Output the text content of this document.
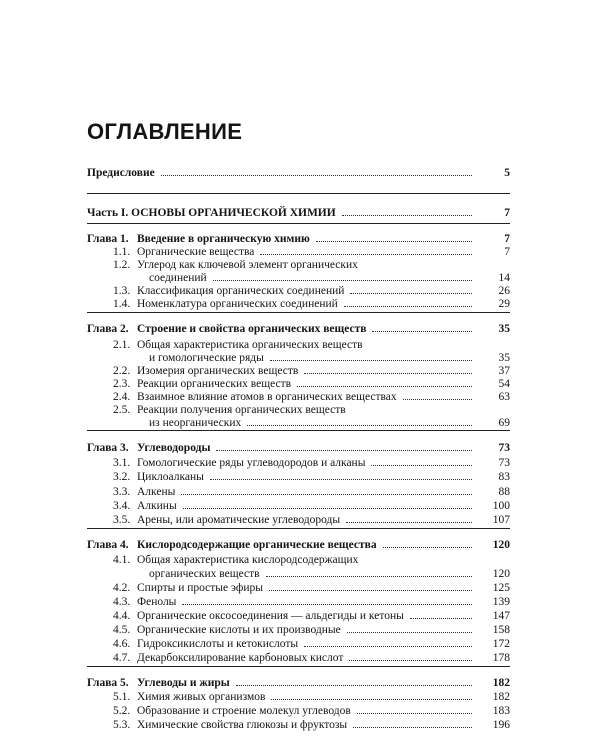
ОГЛАВЛЕНИЕ
Предисловие	5
Часть I. ОСНОВЫ ОРГАНИЧЕСКОЙ ХИМИИ	7
Глава 1. Введение в органическую химию	7
1.1. Органические вещества	7
1.2. Углерод как ключевой элемент органических
соединений	14
1.3. Классификация органических соединений	26
1.4. Номенклатура органических соединений	29
Глава 2. Строение и свойства органических веществ	35
2.1. Общая характеристика органических веществ
и гомологические ряды	35
2.2. Изомерия органических веществ	37
2.3. Реакции органических веществ	54
2.4. Взаимное влияние атомов в органических веществах	63
2.5. Реакции получения органических веществ
из неорганических	69
Глава 3. Углеводороды	73
3.1. Гомологические ряды углеводородов и алканы	73
3.2. Циклоалканы	83
3.3. Алкены	88
3.4. Алкины	100
3.5. Арены, или ароматические углеводороды	107
Глава 4. Кислородсодержащие органические вещества	120
4.1. Общая характеристика кислородсодержащих
органических веществ	120
4.2. Спирты и простые эфиры	125
4.3. Фенолы	139
4.4. Органические оксосоединения — альдегиды и кетоны	147
4.5. Органические кислоты и их производные	158
4.6. Гидроксикислоты и кетокислоты	172
4.7. Декарбоксилирование карбоновых кислот	178
Глава 5. Углеводы и жиры	182
5.1. Химия живых организмов	182
5.2. Образование и строение молекул углеводов	183
5.3. Химические свойства глюкозы и фруктозы	196
